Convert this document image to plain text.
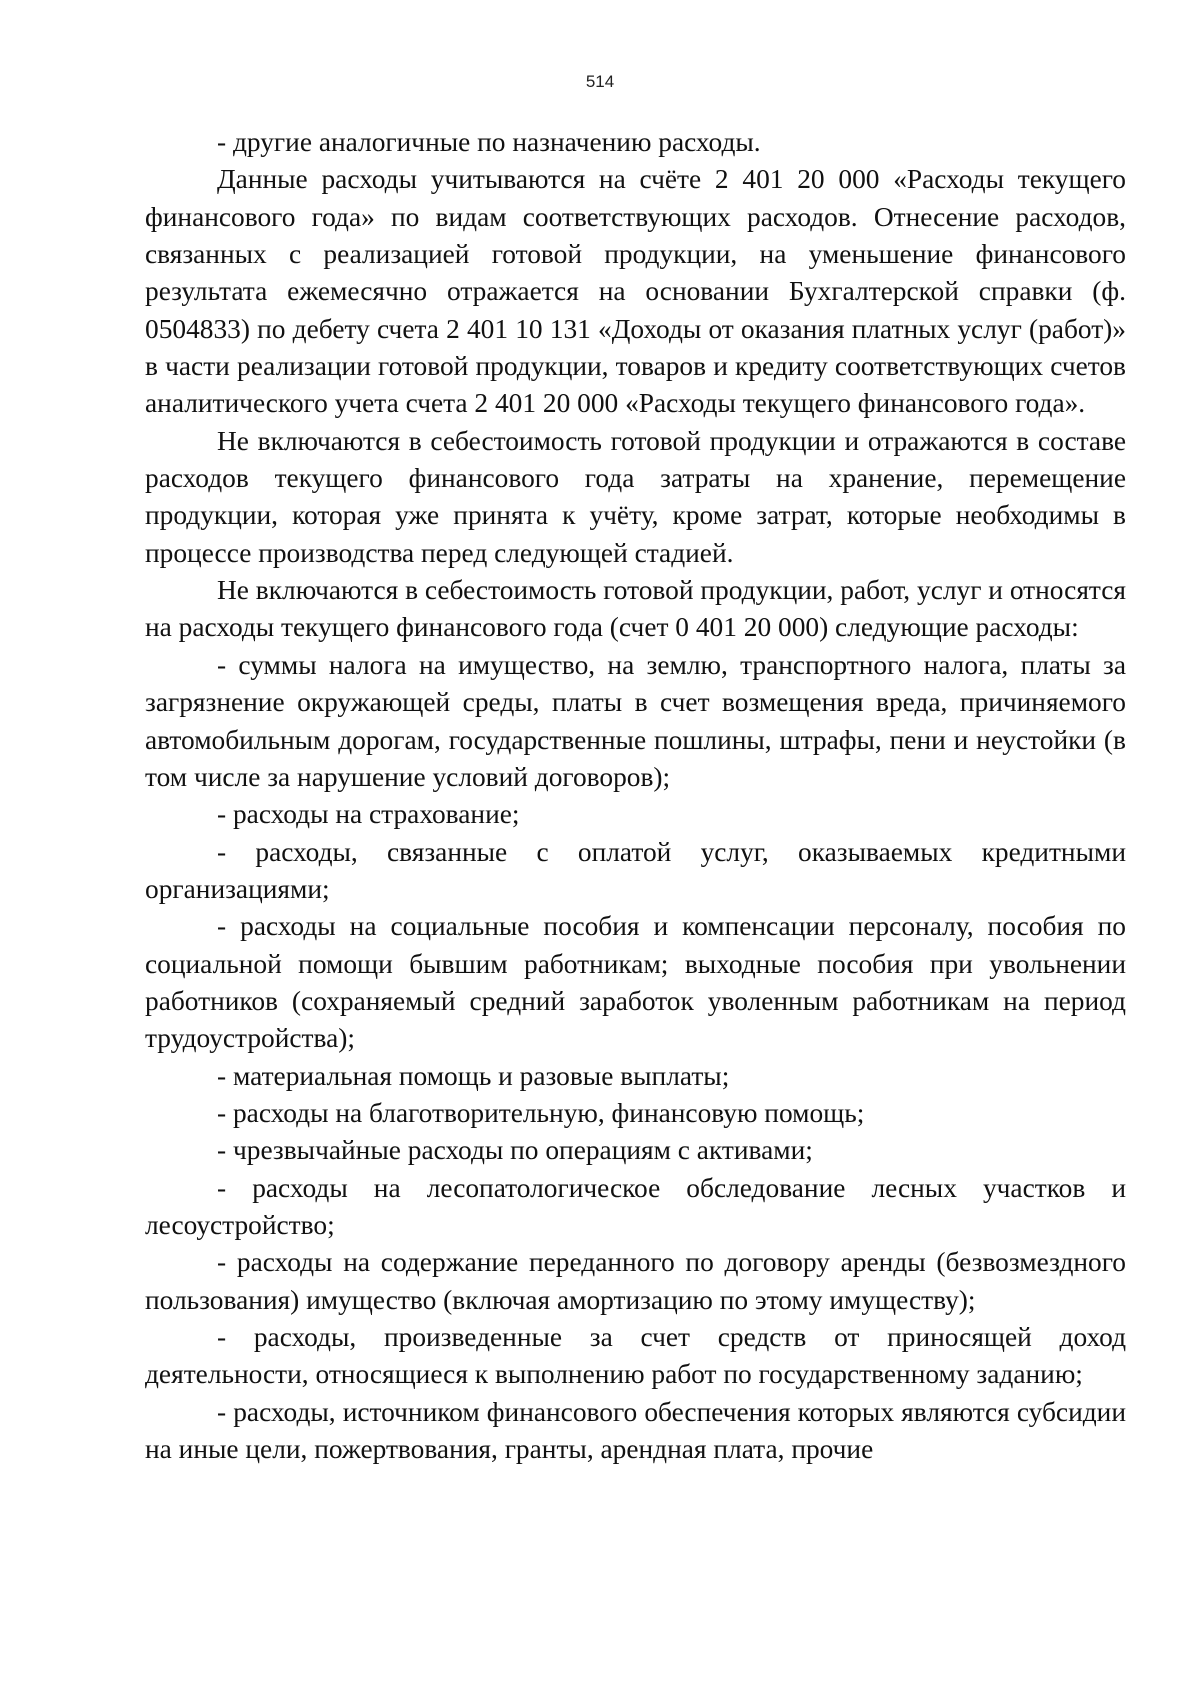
514

- другие аналогичные по назначению расходы.

Данные расходы учитываются на счёте 2 401 20 000 «Расходы текущего финансового года» по видам соответствующих расходов. Отнесение расходов, связанных с реализацией готовой продукции, на уменьшение финансового результата ежемесячно отражается на основании Бухгалтерской справки (ф. 0504833) по дебету счета 2 401 10 131 «Доходы от оказания платных услуг (работ)» в части реализации готовой продукции, товаров и кредиту соответствующих счетов аналитического учета счета 2 401 20 000 «Расходы текущего финансового года».

Не включаются в себестоимость готовой продукции и отражаются в составе расходов текущего финансового года затраты на хранение, перемещение продукции, которая уже принята к учёту, кроме затрат, которые необходимы в процессе производства перед следующей стадией.

Не включаются в себестоимость готовой продукции, работ, услуг и относятся на расходы текущего финансового года (счет 0 401 20 000) следующие расходы:

- суммы налога на имущество, на землю, транспортного налога, платы за загрязнение окружающей среды, платы в счет возмещения вреда, причиняемого автомобильным дорогам, государственные пошлины, штрафы, пени и неустойки (в том числе за нарушение условий договоров);

- расходы на страхование;

- расходы, связанные с оплатой услуг, оказываемых кредитными организациями;

- расходы на социальные пособия и компенсации персоналу, пособия по социальной помощи бывшим работникам; выходные пособия при увольнении работников (сохраняемый средний заработок уволенным работникам на период трудоустройства);

- материальная помощь и разовые выплаты;

- расходы на благотворительную, финансовую помощь;

- чрезвычайные расходы по операциям с активами;

- расходы на лесопатологическое обследование лесных участков и лесоустройство;

- расходы на содержание переданного по договору аренды (безвозмездного пользования) имущество (включая амортизацию по этому имуществу);

- расходы, произведенные за счет средств от приносящей доход деятельности, относящиеся к выполнению работ по государственному заданию;

- расходы, источником финансового обеспечения которых являются субсидии на иные цели, пожертвования, гранты, арендная плата, прочие
